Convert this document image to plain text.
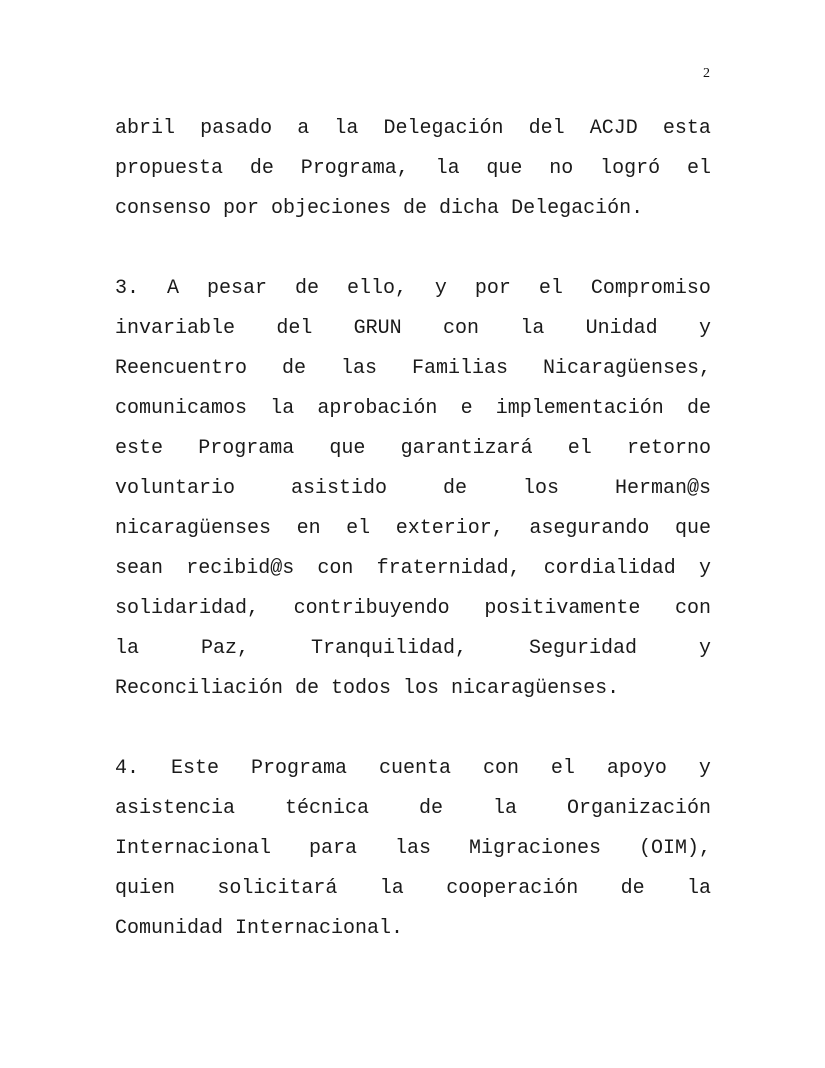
2
abril pasado a la Delegación del ACJD esta
propuesta de Programa, la que no logró el
consenso por objeciones de dicha Delegación.
3. A pesar de ello, y por el Compromiso
invariable del GRUN con la Unidad y
Reencuentro de las Familias Nicaragüenses,
comunicamos la aprobación e implementación de
este Programa que garantizará el retorno
voluntario	asistido	de	los	Herman@s
nicaragüenses en el exterior, asegurando que
sean recibid@s con fraternidad, cordialidad y
solidaridad, contribuyendo positivamente con
la	Paz,	Tranquilidad,	Seguridad	y
Reconciliación de todos los nicaragüenses.
4. Este Programa cuenta con el apoyo y
asistencia técnica de la Organización
Internacional para las Migraciones (OIM),
quien solicitará la cooperación de la
Comunidad Internacional.
